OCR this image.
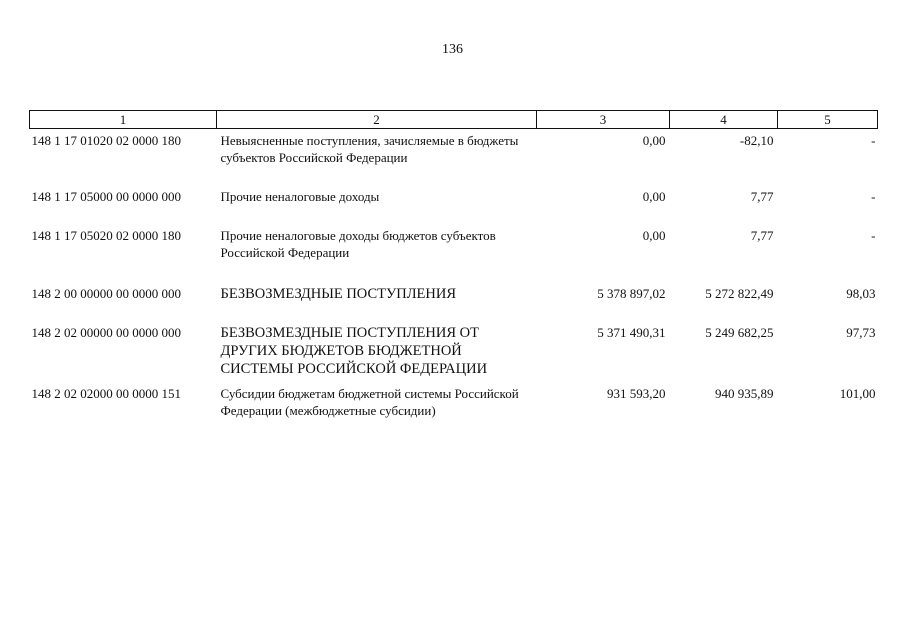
136
1	2	3	4	5
148 1 17 01020 02 0000 180	Невыясненные поступления, зачисляемые в бюджеты субъектов Российской Федерации	0,00	-82,10	-
148 1 17 05000 00 0000 000	Прочие неналоговые доходы	0,00	7,77	-
148 1 17 05020 02 0000 180	Прочие неналоговые доходы бюджетов субъектов Российской Федерации	0,00	7,77	-
148 2 00 00000 00 0000 000	БЕЗВОЗМЕЗДНЫЕ ПОСТУПЛЕНИЯ	5 378 897,02	5 272 822,49	98,03
148 2 02 00000 00 0000 000	БЕЗВОЗМЕЗДНЫЕ ПОСТУПЛЕНИЯ ОТ ДРУГИХ БЮДЖЕТОВ БЮДЖЕТНОЙ СИСТЕМЫ РОССИЙСКОЙ ФЕДЕРАЦИИ	5 371 490,31	5 249 682,25	97,73
148 2 02 02000 00 0000 151	Субсидии бюджетам бюджетной системы Российской Федерации (межбюджетные субсидии)	931 593,20	940 935,89	101,00
